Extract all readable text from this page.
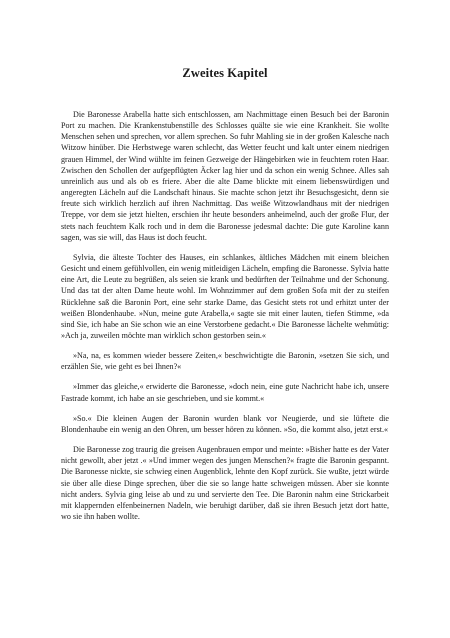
Zweites Kapitel

Die Baronesse Arabella hatte sich entschlossen, am Nachmittage einen Besuch bei der Baronin Port zu machen. Die Krankenstubenstille des Schlosses quälte sie wie eine Krankheit. Sie wollte Menschen sehen und sprechen, vor allem sprechen. So fuhr Mahling sie in der großen Kalesche nach Witzow hinüber. Die Herbstwege waren schlecht, das Wetter feucht und kalt unter einem niedrigen grauen Himmel, der Wind wühlte im feinen Gezweige der Hängebirken wie in feuchtem roten Haar. Zwischen den Schollen der aufgepflügten Äcker lag hier und da schon ein wenig Schnee. Alles sah unreinlich aus und als ob es friere. Aber die alte Dame blickte mit einem liebenswürdigen und angeregten Lächeln auf die Landschaft hinaus. Sie machte schon jetzt ihr Besuchsgesicht, denn sie freute sich wirklich herzlich auf ihren Nachmittag. Das weiße Witzowlandhaus mit der niedrigen Treppe, vor dem sie jetzt hielten, erschien ihr heute besonders anheimelnd, auch der große Flur, der stets nach feuchtem Kalk roch und in dem die Baronesse jedesmal dachte: Die gute Karoline kann sagen, was sie will, das Haus ist doch feucht.

Sylvia, die älteste Tochter des Hauses, ein schlankes, ältliches Mädchen mit einem bleichen Gesicht und einem gefühlvollen, ein wenig mitleidigen Lächeln, empfing die Baronesse. Sylvia hatte eine Art, die Leute zu begrüßen, als seien sie krank und bedürften der Teilnahme und der Schonung. Und das tat der alten Dame heute wohl. Im Wohnzimmer auf dem großen Sofa mit der zu steifen Rücklehne saß die Baronin Port, eine sehr starke Dame, das Gesicht stets rot und erhitzt unter der weißen Blondenhaube. »Nun, meine gute Arabella,« sagte sie mit einer lauten, tiefen Stimme, »da sind Sie, ich habe an Sie schon wie an eine Verstorbene gedacht.« Die Baronesse lächelte wehmütig: »Ach ja, zuweilen möchte man wirklich schon gestorben sein.«

»Na, na, es kommen wieder bessere Zeiten,« beschwichtigte die Baronin, »setzen Sie sich, und erzählen Sie, wie geht es bei Ihnen?«

»Immer das gleiche,« erwiderte die Baronesse, »doch nein, eine gute Nachricht habe ich, unsere Fastrade kommt, ich habe an sie geschrieben, und sie kommt.«

»So.« Die kleinen Augen der Baronin wurden blank vor Neugierde, und sie lüftete die Blondenhaube ein wenig an den Ohren, um besser hören zu können. »So, die kommt also, jetzt erst.«

Die Baronesse zog traurig die greisen Augenbrauen empor und meinte: »Bisher hatte es der Vater nicht gewollt, aber jetzt .« »Und immer wegen des jungen Menschen?« fragte die Baronin gespannt. Die Baronesse nickte, sie schwieg einen Augenblick, lehnte den Kopf zurück. Sie wußte, jetzt würde sie über alle diese Dinge sprechen, über die sie so lange hatte schweigen müssen. Aber sie konnte nicht anders. Sylvia ging leise ab und zu und servierte den Tee. Die Baronin nahm eine Strickarbeit mit klappernden elfenbeinernen Nadeln, wie beruhigt darüber, daß sie ihren Besuch jetzt dort hatte, wo sie ihn haben wollte.
